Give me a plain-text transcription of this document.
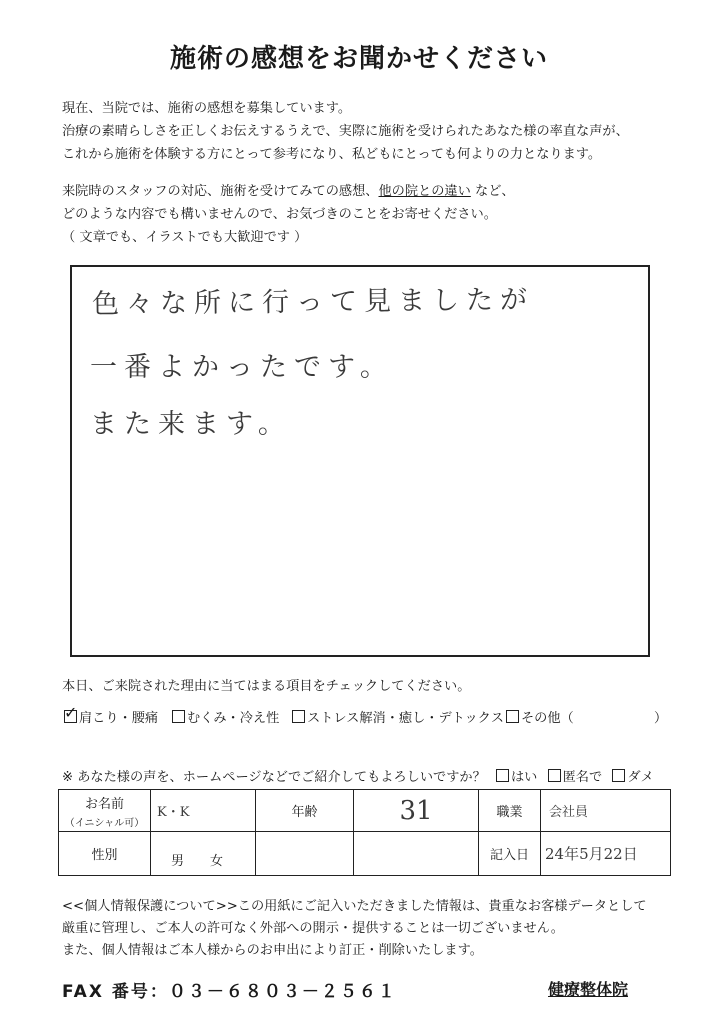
施術の感想をお聞かせください
現在、当院では、施術の感想を募集しています。
治療の素晴らしさを正しくお伝えするうえで、実際に施術を受けられたあなた様の率直な声が、
これから施術を体験する方にとって参考になり、私どもにとっても何よりの力となります。
来院時のスタッフの対応、施術を受けてみての感想、他の院との違い など、
どのような内容でも構いませんので、お気づきのことをお寄せください。
（ 文章でも、イラストでも大歓迎です ）
色々な所に行って見ましたが
一番よかったです。
また来ます。
本日、ご来院された理由に当てはまる項目をチェックしてください。
✓ 肩こり・腰痛	むくみ・冷え性	ストレス解消・癒し・デトックス	その他（	）
※ あなた様の声を、ホームページなどでご紹介してもよろしいですか？ はい 匿名で ダメ
お名前
（イニシャル可）	K・K	年齢	31	職業	会社員
性別	男　　女			記入日	24年5月22日
<<個人情報保護について>>この用紙にご記入いただきました情報は、貴重なお客様データとして
厳重に管理し、ご本人の許可なく外部への開示・提供することは一切ございません。
また、個人情報はご本人様からのお申出により訂正・削除いたします。
FAX 番号：０３－６８０３－２５６１	健療整体院
